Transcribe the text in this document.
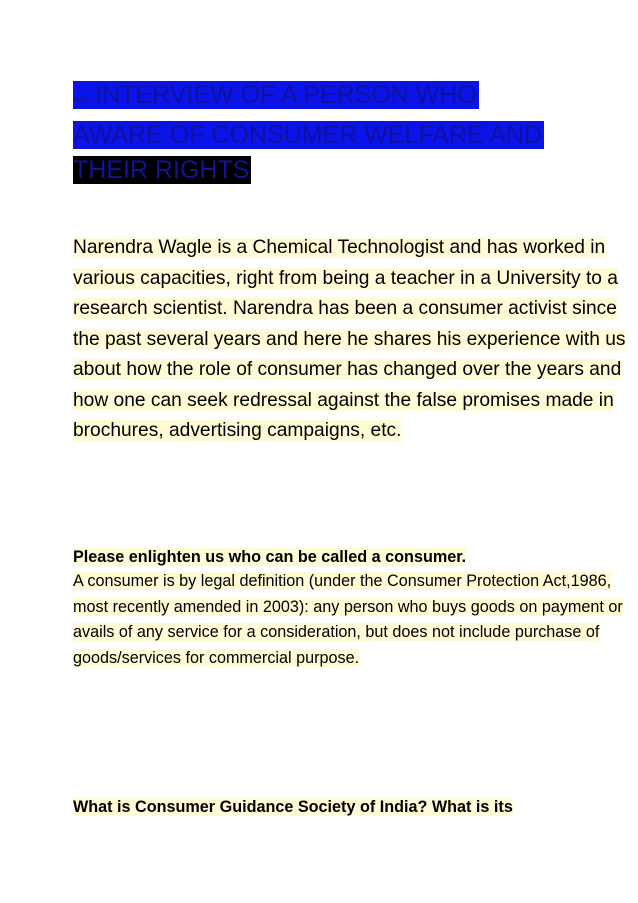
AN INTERVIEW OF A PERSON WHO
AWARE OF CONSUMER WELFARE AND
THEIR RIGHTS

Narendra Wagle is a Chemical Technologist and has worked in various capacities, right from being a teacher in a University to a research scientist. Narendra has been a consumer activist since the past several years and here he shares his experience with us about how the role of consumer has changed over the years and how one can seek redressal against the false promises made in brochures, advertising campaigns, etc.

Please enlighten us who can be called a consumer.

A consumer is by legal definition (under the Consumer Protection Act,1986, most recently amended in 2003): any person who buys goods on payment or avails of any service for a consideration, but does not include purchase of goods/services for commercial purpose.

What is Consumer Guidance Society of India? What is its
